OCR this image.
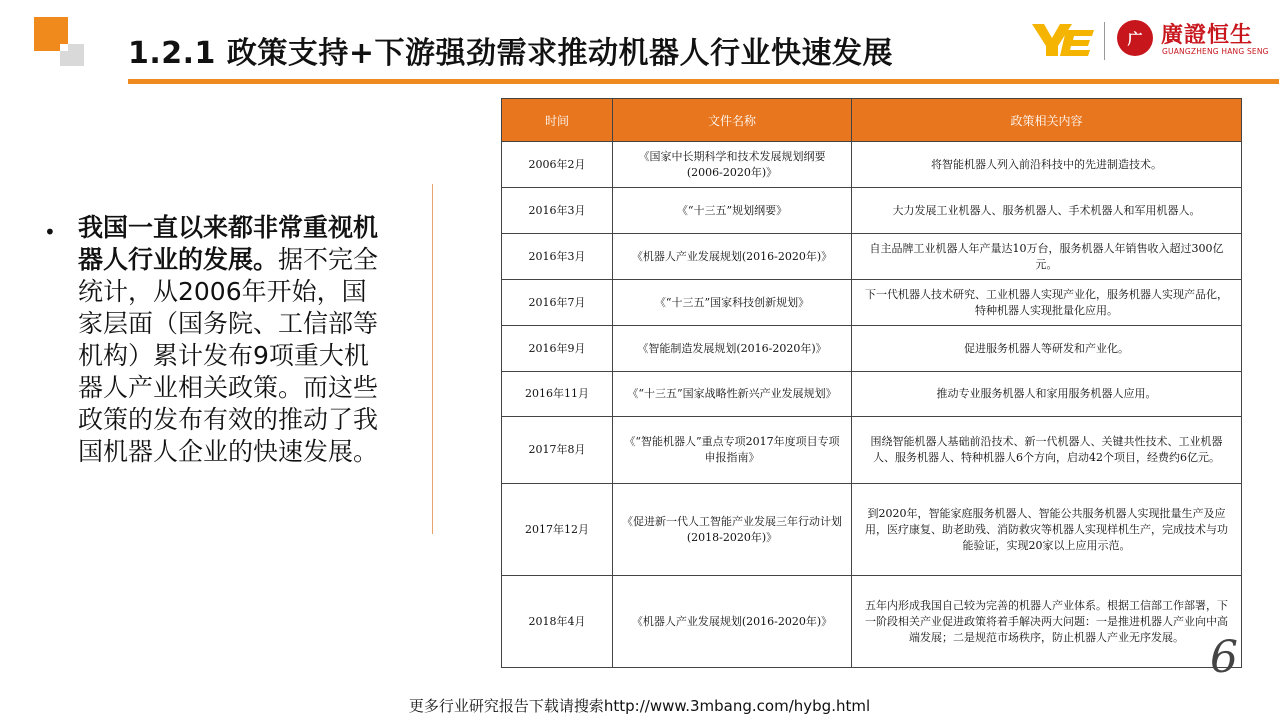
1.2.1 政策支持+下游强劲需求推动机器人行业快速发展	广 廣證恒生
GUANGZHENG HANG SENG
• 我国一直以来都非常重视机器人行业的发展。据不完全统计，从2006年开始，国家层面（国务院、工信部等机构）累计发布9项重大机器人产业相关政策。而这些政策的发布有效的推动了我国机器人企业的快速发展。

时间	文件名称	政策相关内容
2006年2月	《国家中长期科学和技术发展规划纲要(2006-2020年)》	将智能机器人列入前沿科技中的先进制造技术。
2016年3月	《“十三五”规划纲要》	大力发展工业机器人、服务机器人、手术机器人和军用机器人。
2016年3月	《机器人产业发展规划(2016-2020年)》	自主品牌工业机器人年产量达10万台，服务机器人年销售收入超过300亿元。
2016年7月	《“十三五”国家科技创新规划》	下一代机器人技术研究、工业机器人实现产业化，服务机器人实现产品化，特种机器人实现批量化应用。
2016年9月	《智能制造发展规划(2016-2020年)》	促进服务机器人等研发和产业化。
2016年11月	《“十三五”国家战略性新兴产业发展规划》	推动专业服务机器人和家用服务机器人应用。
2017年8月	《“智能机器人”重点专项2017年度项目专项申报指南》	围绕智能机器人基础前沿技术、新一代机器人、关键共性技术、工业机器人、服务机器人、特种机器人6个方向，启动42个项目，经费约6亿元。
2017年12月	《促进新一代人工智能产业发展三年行动计划(2018-2020年)》	到2020年，智能家庭服务机器人、智能公共服务机器人实现批量生产及应用，医疗康复、助老助残、消防救灾等机器人实现样机生产，完成技术与功能验证，实现20家以上应用示范。
2018年4月	《机器人产业发展规划(2016-2020年)》	五年内形成我国自己较为完善的机器人产业体系。根据工信部工作部署，下一阶段相关产业促进政策将着手解决两大问题：一是推进机器人产业向中高端发展；二是规范市场秩序，防止机器人产业无序发展。 6
更多行业研究报告下载请搜索http://www.3mbang.com/hybg.html
